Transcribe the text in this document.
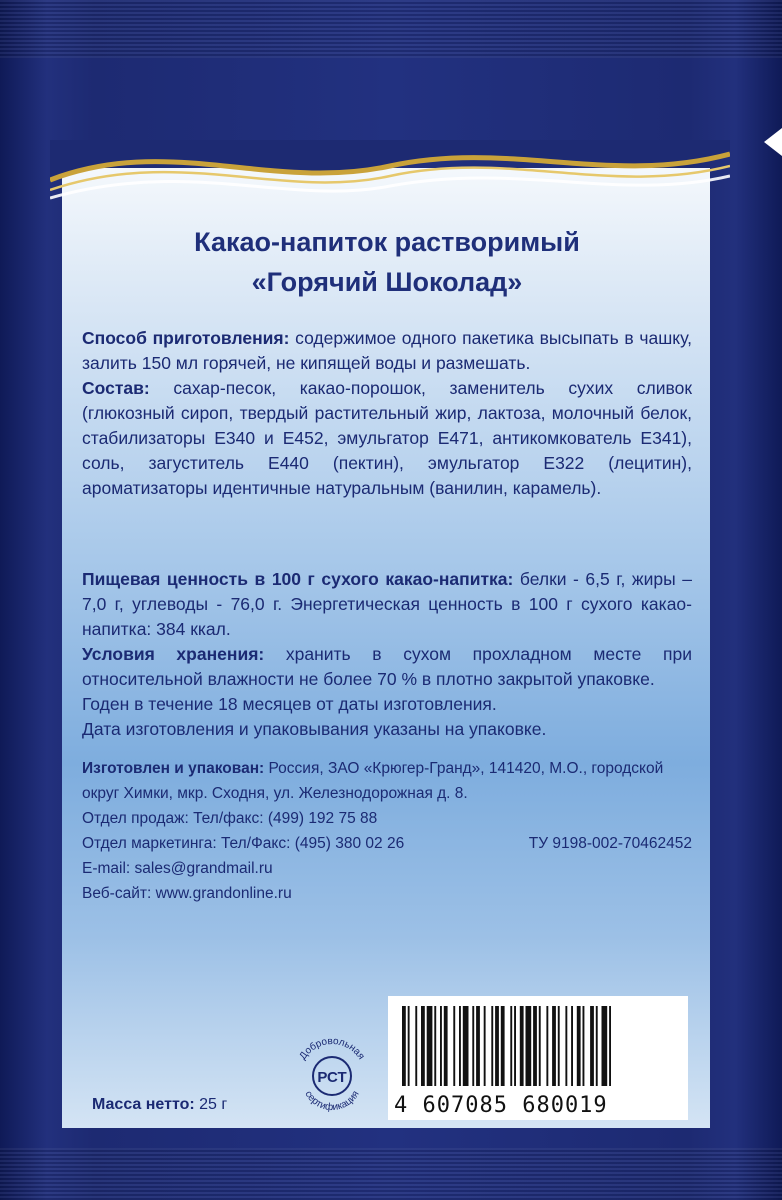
Какао-напиток растворимый
«Горячий Шоколад»
Способ приготовления: содержимое одного пакетика высыпать в чашку, залить 150 мл горячей, не кипящей воды и размешать.
Состав: сахар-песок, какао-порошок, заменитель сухих сливок (глюкозный сироп, твердый растительный жир, лактоза, молочный белок, стабилизаторы Е340 и Е452, эмульгатор Е471, антикомкователь Е341), соль, загуститель Е440 (пектин), эмульгатор Е322 (лецитин), ароматизаторы идентичные натуральным (ванилин, карамель).
Пищевая ценность в 100 г сухого какао-напитка: белки - 6,5 г, жиры – 7,0 г, углеводы - 76,0 г. Энергетическая ценность в 100 г сухого какао-напитка: 384 ккал.
Условия хранения: хранить в сухом прохладном месте при относительной влажности не более 70 % в плотно закрытой упаковке.
Годен в течение 18 месяцев от даты изготовления.
Дата изготовления и упаковывания указаны на упаковке.
Изготовлен и упакован: Россия, ЗАО «Крюгер-Гранд», 141420, М.О., городской округ Химки, мкр. Сходня, ул. Железнодорожная д. 8.
Отдел продаж: Тел/факс: (499) 192 75 88
Отдел маркетинга: Тел/Факс: (495) 380 02 26	ТУ 9198-002-70462452
E-mail: sales@grandmail.ru
Веб-сайт: www.grandonline.ru
РСТ
Добровольная
сертификация
Масса нетто: 25 г	4 607085 680019
